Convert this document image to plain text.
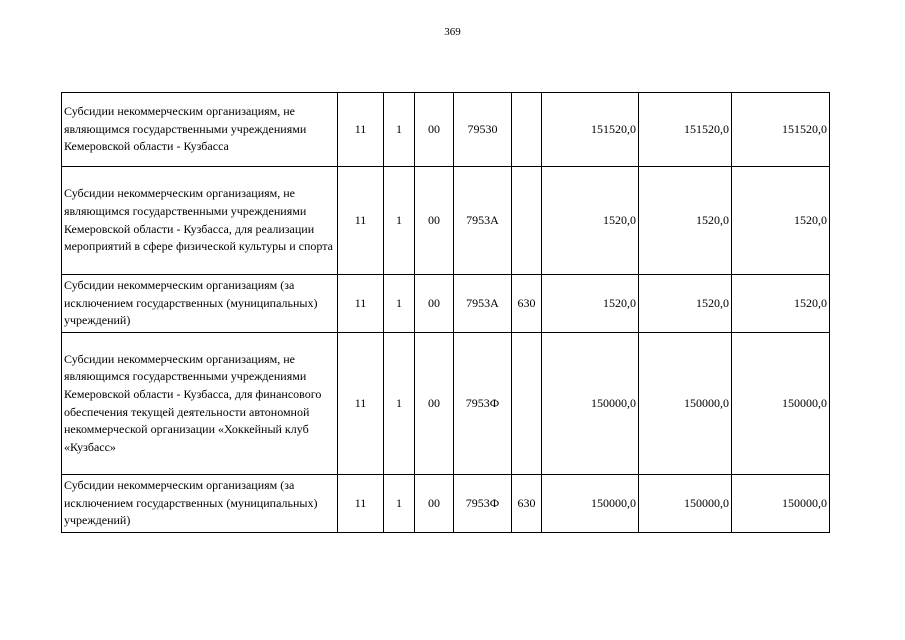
369
Субсидии некоммерческим организациям, не являющимся государственными учреждениями Кемеровской области - Кузбасса	11	1	00	79530		151520,0	151520,0	151520,0
Субсидии некоммерческим организациям, не являющимся государственными учреждениями Кемеровской области - Кузбасса, для реализации мероприятий в сфере физической культуры и спорта	11	1	00	7953А		1520,0	1520,0	1520,0
Субсидии некоммерческим организациям (за исключением государственных (муниципальных) учреждений)	11	1	00	7953А	630	1520,0	1520,0	1520,0
Субсидии некоммерческим организациям, не являющимся государственными учреждениями Кемеровской области - Кузбасса, для финансового обеспечения текущей деятельности автономной некоммерческой организации «Хоккейный клуб «Кузбасс»	11	1	00	7953Ф		150000,0	150000,0	150000,0
Субсидии некоммерческим организациям (за исключением государственных (муниципальных) учреждений)	11	1	00	7953Ф	630	150000,0	150000,0	150000,0
